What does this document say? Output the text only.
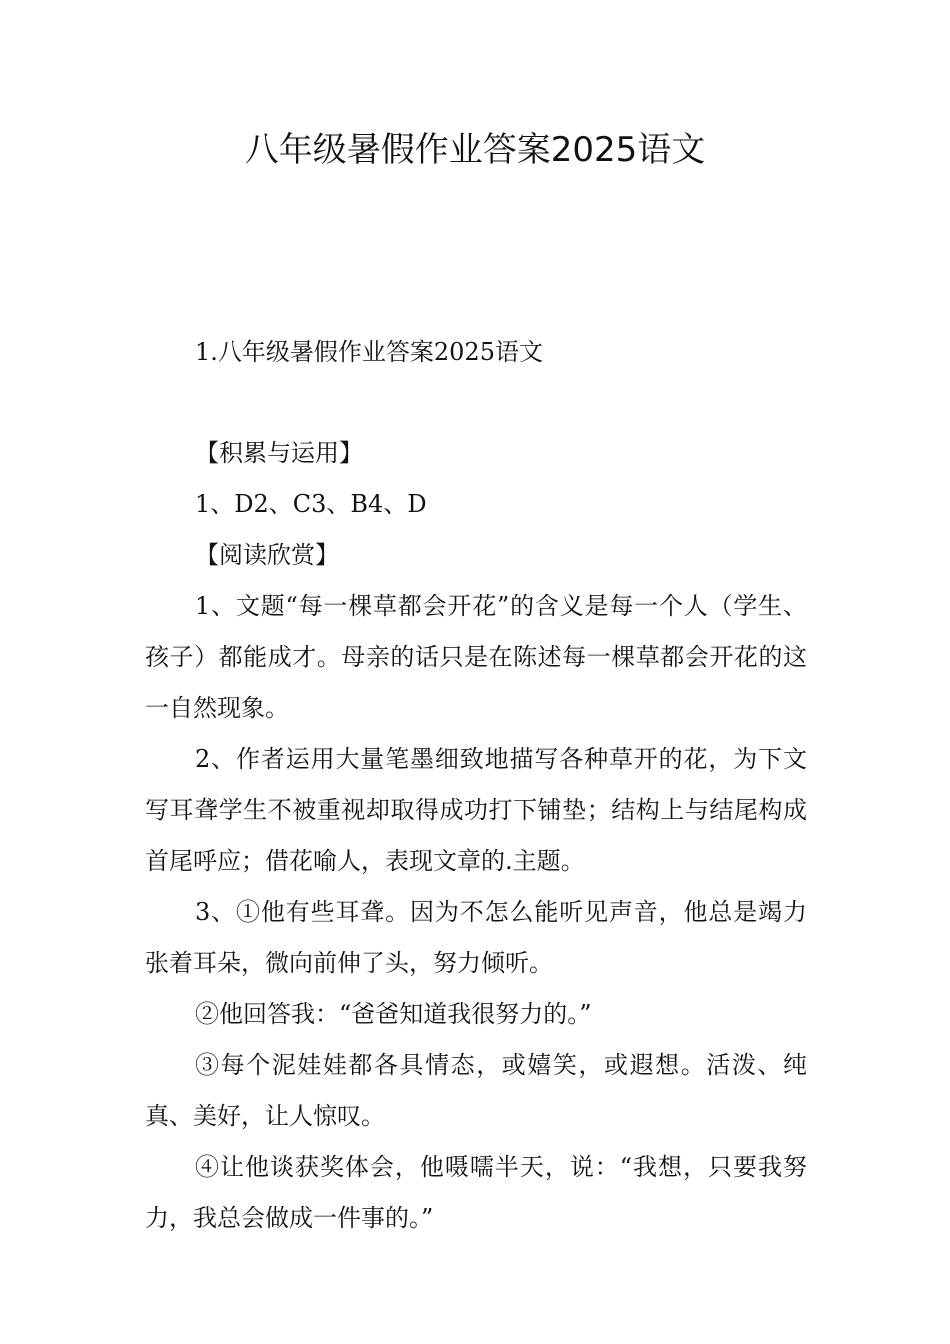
八年级暑假作业答案2025语文

1.八年级暑假作业答案2025语文

【积累与运用】

1、D2、C3、B4、D

【阅读欣赏】

1、文题“每一棵草都会开花”的含义是每一个人（学生、孩子）都能成才。母亲的话只是在陈述每一棵草都会开花的这一自然现象。

2、作者运用大量笔墨细致地描写各种草开的花，为下文写耳聋学生不被重视却取得成功打下铺垫；结构上与结尾构成首尾呼应；借花喻人，表现文章的.主题。

3、①他有些耳聋。因为不怎么能听见声音，他总是竭力张着耳朵，微向前伸了头，努力倾听。

②他回答我：“爸爸知道我很努力的。”

③每个泥娃娃都各具情态，或嬉笑，或遐想。活泼、纯真、美好，让人惊叹。

④让他谈获奖体会，他嗫嚅半天，说：“我想，只要我努力，我总会做成一件事的。”
